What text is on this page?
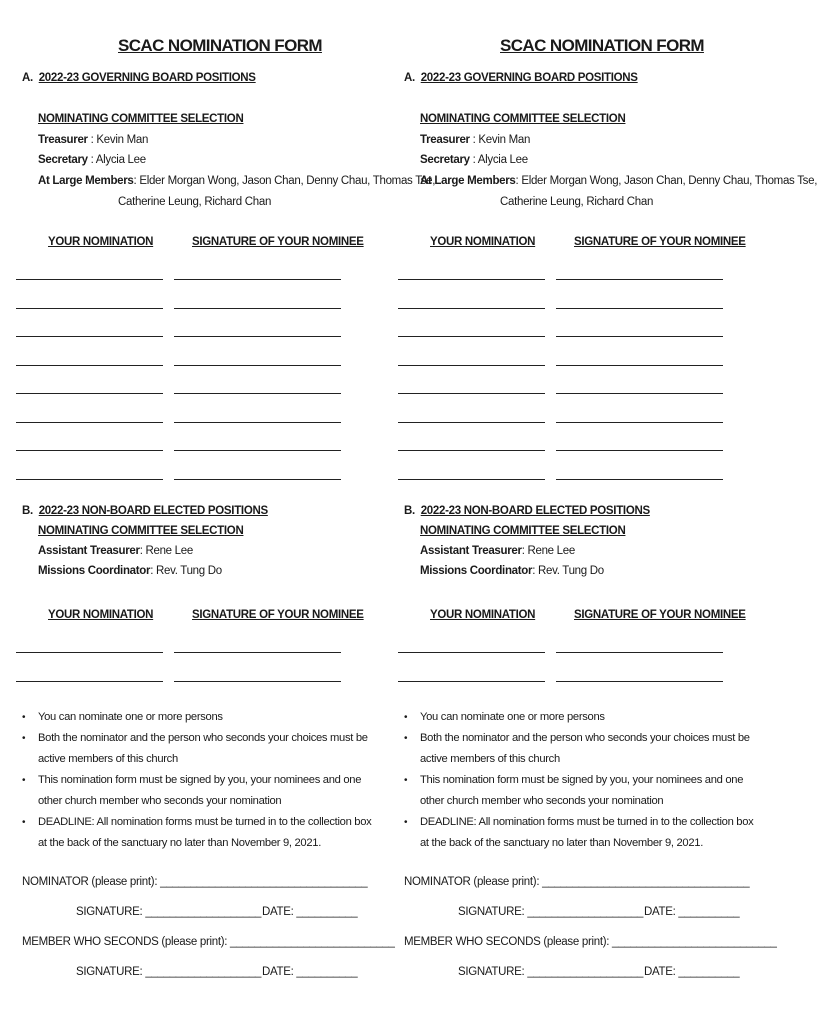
SCAC NOMINATION FORM
A. 2022-23 GOVERNING BOARD POSITIONS
NOMINATING COMMITTEE SELECTION
Treasurer : Kevin Man
Secretary : Alycia Lee
At Large Members: Elder Morgan Wong, Jason Chan, Denny Chau, Thomas Tse,
Catherine Leung, Richard Chan
YOUR NOMINATION	SIGNATURE OF YOUR NOMINEE
B. 2022-23 NON-BOARD ELECTED POSITIONS
NOMINATING COMMITTEE SELECTION
Assistant Treasurer: Rene Lee
Missions Coordinator: Rev. Tung Do
YOUR NOMINATION	SIGNATURE OF YOUR NOMINEE
• You can nominate one or more persons
• Both the nominator and the person who seconds your choices must be active members of this church
• This nomination form must be signed by you, your nominees and one other church member who seconds your nomination
• DEADLINE: All nomination forms must be turned in to the collection box at the back of the sanctuary no later than November 9, 2021.
NOMINATOR (please print): __________________________________
SIGNATURE: ___________________ DATE: __________
MEMBER WHO SECONDS (please print): ___________________________
SIGNATURE: ___________________ DATE: __________
SCAC NOMINATION FORM
A. 2022-23 GOVERNING BOARD POSITIONS
NOMINATING COMMITTEE SELECTION
Treasurer : Kevin Man
Secretary : Alycia Lee
At Large Members: Elder Morgan Wong, Jason Chan, Denny Chau, Thomas Tse,
Catherine Leung, Richard Chan
YOUR NOMINATION	SIGNATURE OF YOUR NOMINEE
B. 2022-23 NON-BOARD ELECTED POSITIONS
NOMINATING COMMITTEE SELECTION
Assistant Treasurer: Rene Lee
Missions Coordinator: Rev. Tung Do
YOUR NOMINATION	SIGNATURE OF YOUR NOMINEE
• You can nominate one or more persons
• Both the nominator and the person who seconds your choices must be active members of this church
• This nomination form must be signed by you, your nominees and one other church member who seconds your nomination
• DEADLINE: All nomination forms must be turned in to the collection box at the back of the sanctuary no later than November 9, 2021.
NOMINATOR (please print): __________________________________
SIGNATURE: ___________________ DATE: __________
MEMBER WHO SECONDS (please print): ___________________________
SIGNATURE: ___________________ DATE: __________
